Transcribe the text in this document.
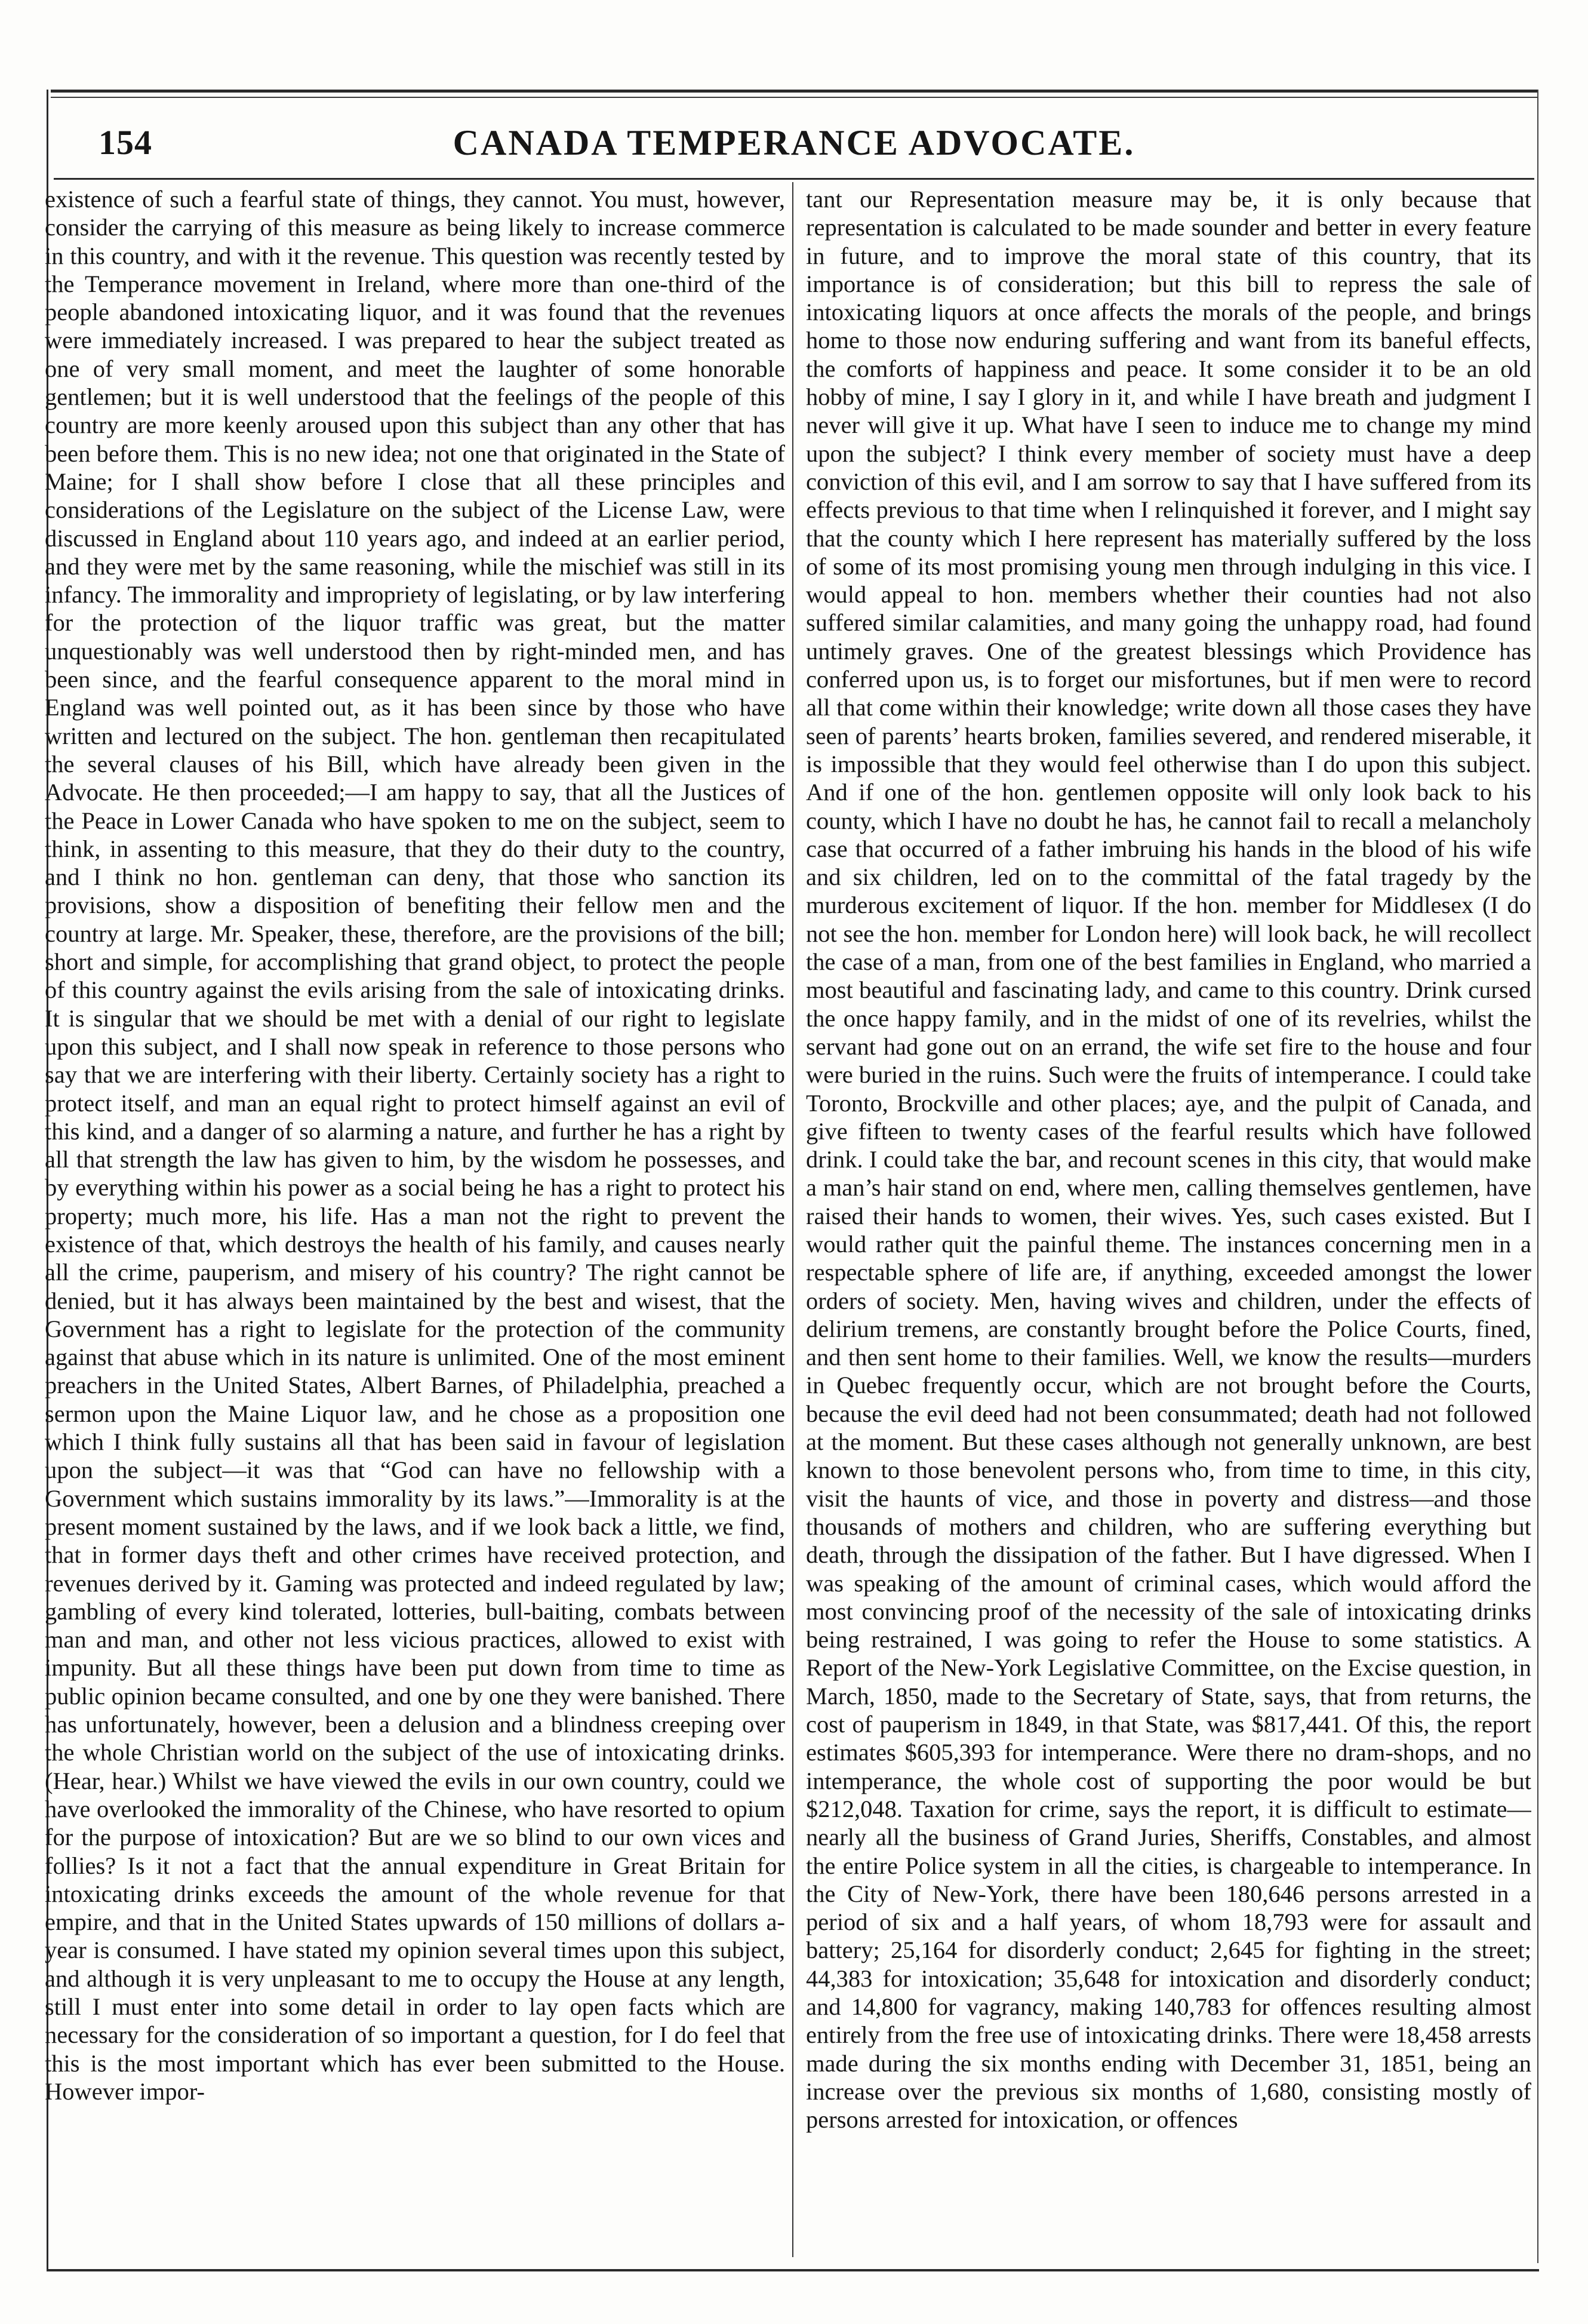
154	CANADA TEMPERANCE ADVOCATE.

existence of such a fearful state of things, they cannot. You must, however, consider the carrying of this measure as being likely to increase commerce in this country, and with it the revenue. This question was recently tested by the Temperance movement in Ireland, where more than one-third of the people abandoned intoxicating liquor, and it was found that the revenues were immediately increased. I was prepared to hear the subject treated as one of very small moment, and meet the laughter of some honorable gentlemen; but it is well understood that the feelings of the people of this country are more keenly aroused upon this subject than any other that has been before them. This is no new idea; not one that originated in the State of Maine; for I shall show before I close that all these principles and considerations of the Legislature on the subject of the License Law, were discussed in England about 110 years ago, and indeed at an earlier period, and they were met by the same reasoning, while the mischief was still in its infancy. The immorality and impropriety of legislating, or by law interfering for the protection of the liquor traffic was great, but the matter unquestionably was well understood then by right-minded men, and has been since, and the fearful consequence apparent to the moral mind in England was well pointed out, as it has been since by those who have written and lectured on the subject. The hon. gentleman then recapitulated the several clauses of his Bill, which have already been given in the Advocate. He then proceeded;—I am happy to say, that all the Justices of the Peace in Lower Canada who have spoken to me on the subject, seem to think, in assenting to this measure, that they do their duty to the country, and I think no hon. gentleman can deny, that those who sanction its provisions, show a disposition of benefiting their fellow men and the country at large. Mr. Speaker, these, therefore, are the provisions of the bill; short and simple, for accomplishing that grand object, to protect the people of this country against the evils arising from the sale of intoxicating drinks. It is singular that we should be met with a denial of our right to legislate upon this subject, and I shall now speak in reference to those persons who say that we are interfering with their liberty. Certainly society has a right to protect itself, and man an equal right to protect himself against an evil of this kind, and a danger of so alarming a nature, and further he has a right by all that strength the law has given to him, by the wisdom he possesses, and by everything within his power as a social being he has a right to protect his property; much more, his life. Has a man not the right to prevent the existence of that, which destroys the health of his family, and causes nearly all the crime, pauperism, and misery of his country? The right cannot be denied, but it has always been maintained by the best and wisest, that the Government has a right to legislate for the protection of the community against that abuse which in its nature is unlimited. One of the most eminent preachers in the United States, Albert Barnes, of Philadelphia, preached a sermon upon the Maine Liquor law, and he chose as a proposition one which I think fully sustains all that has been said in favour of legislation upon the subject—it was that “God can have no fellowship with a Government which sustains immorality by its laws.”—Immorality is at the present moment sustained by the laws, and if we look back a little, we find, that in former days theft and other crimes have received protection, and revenues derived by it. Gaming was protected and indeed regulated by law; gambling of every kind tolerated, lotteries, bull-baiting, combats between man and man, and other not less vicious practices, allowed to exist with impunity. But all these things have been put down from time to time as public opinion became consulted, and one by one they were banished. There has unfortunately, however, been a delusion and a blindness creeping over the whole Christian world on the subject of the use of intoxicating drinks. (Hear, hear.) Whilst we have viewed the evils in our own country, could we have overlooked the immorality of the Chinese, who have resorted to opium for the purpose of intoxication? But are we so blind to our own vices and follies? Is it not a fact that the annual expenditure in Great Britain for intoxicating drinks exceeds the amount of the whole revenue for that empire, and that in the United States upwards of 150 millions of dollars a-year is consumed. I have stated my opinion several times upon this subject, and although it is very unpleasant to me to occupy the House at any length, still I must enter into some detail in order to lay open facts which are necessary for the consideration of so important a question, for I do feel that this is the most important which has ever been submitted to the House. However impor-

tant our Representation measure may be, it is only because that representation is calculated to be made sounder and better in every feature in future, and to improve the moral state of this country, that its importance is of consideration; but this bill to repress the sale of intoxicating liquors at once affects the morals of the people, and brings home to those now enduring suffering and want from its baneful effects, the comforts of happiness and peace. It some consider it to be an old hobby of mine, I say I glory in it, and while I have breath and judgment I never will give it up. What have I seen to induce me to change my mind upon the subject? I think every member of society must have a deep conviction of this evil, and I am sorrow to say that I have suffered from its effects previous to that time when I relinquished it forever, and I might say that the county which I here represent has materially suffered by the loss of some of its most promising young men through indulging in this vice. I would appeal to hon. members whether their counties had not also suffered similar calamities, and many going the unhappy road, had found untimely graves. One of the greatest blessings which Providence has conferred upon us, is to forget our misfortunes, but if men were to record all that come within their knowledge; write down all those cases they have seen of parents’ hearts broken, families severed, and rendered miserable, it is impossible that they would feel otherwise than I do upon this subject. And if one of the hon. gentlemen opposite will only look back to his county, which I have no doubt he has, he cannot fail to recall a melancholy case that occurred of a father imbruing his hands in the blood of his wife and six children, led on to the committal of the fatal tragedy by the murderous excitement of liquor. If the hon. member for Middlesex (I do not see the hon. member for London here) will look back, he will recollect the case of a man, from one of the best families in England, who married a most beautiful and fascinating lady, and came to this country. Drink cursed the once happy family, and in the midst of one of its revelries, whilst the servant had gone out on an errand, the wife set fire to the house and four were buried in the ruins. Such were the fruits of intemperance. I could take Toronto, Brockville and other places; aye, and the pulpit of Canada, and give fifteen to twenty cases of the fearful results which have followed drink. I could take the bar, and recount scenes in this city, that would make a man’s hair stand on end, where men, calling themselves gentlemen, have raised their hands to women, their wives. Yes, such cases existed. But I would rather quit the painful theme. The instances concerning men in a respectable sphere of life are, if anything, exceeded amongst the lower orders of society. Men, having wives and children, under the effects of delirium tremens, are constantly brought before the Police Courts, fined, and then sent home to their families. Well, we know the results—murders in Quebec frequently occur, which are not brought before the Courts, because the evil deed had not been consummated; death had not followed at the moment. But these cases although not generally unknown, are best known to those benevolent persons who, from time to time, in this city, visit the haunts of vice, and those in poverty and distress—and those thousands of mothers and children, who are suffering everything but death, through the dissipation of the father. But I have digressed. When I was speaking of the amount of criminal cases, which would afford the most convincing proof of the necessity of the sale of intoxicating drinks being restrained, I was going to refer the House to some statistics. A Report of the New-York Legislative Committee, on the Excise question, in March, 1850, made to the Secretary of State, says, that from returns, the cost of pauperism in 1849, in that State, was $817,441. Of this, the report estimates $605,393 for intemperance. Were there no dram-shops, and no intemperance, the whole cost of supporting the poor would be but $212,048. Taxation for crime, says the report, it is difficult to estimate—nearly all the business of Grand Juries, Sheriffs, Constables, and almost the entire Police system in all the cities, is chargeable to intemperance. In the City of New-York, there have been 180,646 persons arrested in a period of six and a half years, of whom 18,793 were for assault and battery; 25,164 for disorderly conduct; 2,645 for fighting in the street; 44,383 for intoxication; 35,648 for intoxication and disorderly conduct; and 14,800 for vagrancy, making 140,783 for offences resulting almost entirely from the free use of intoxicating drinks. There were 18,458 arrests made during the six months ending with December 31, 1851, being an increase over the previous six months of 1,680, consisting mostly of persons arrested for intoxication, or offences
